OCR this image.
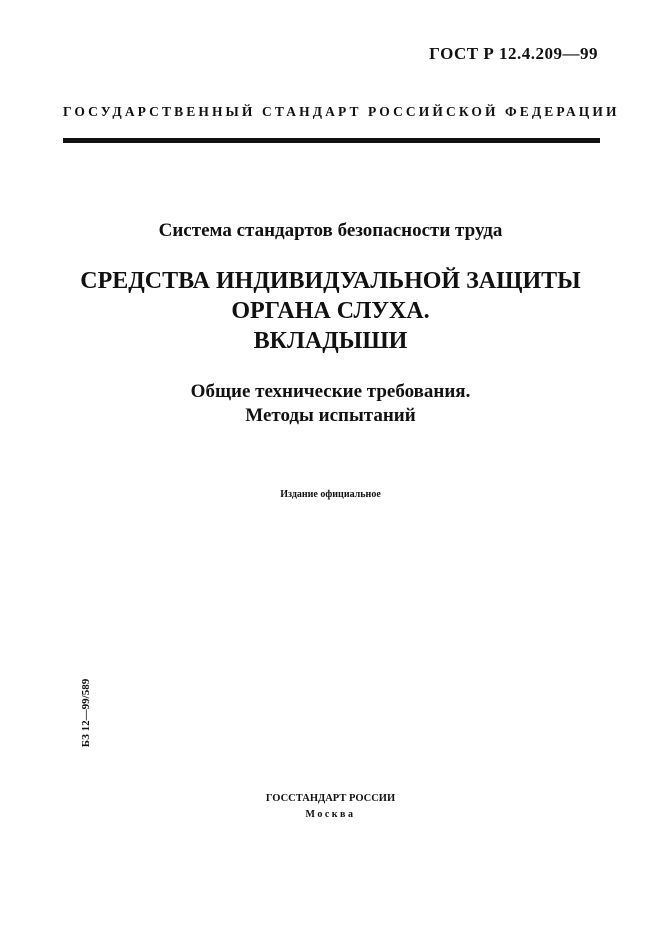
ГОСТ Р 12.4.209—99
ГОСУДАРСТВЕННЫЙ СТАНДАРТ РОССИЙСКОЙ ФЕДЕРАЦИИ
Система стандартов безопасности труда
СРЕДСТВА ИНДИВИДУАЛЬНОЙ ЗАЩИТЫ
ОРГАНА СЛУХА.
ВКЛАДЫШИ
Общие технические требования.
Методы испытаний
Издание официальное
БЗ 12—99/589
ГОССТАНДАРТ РОССИИ
Москва
